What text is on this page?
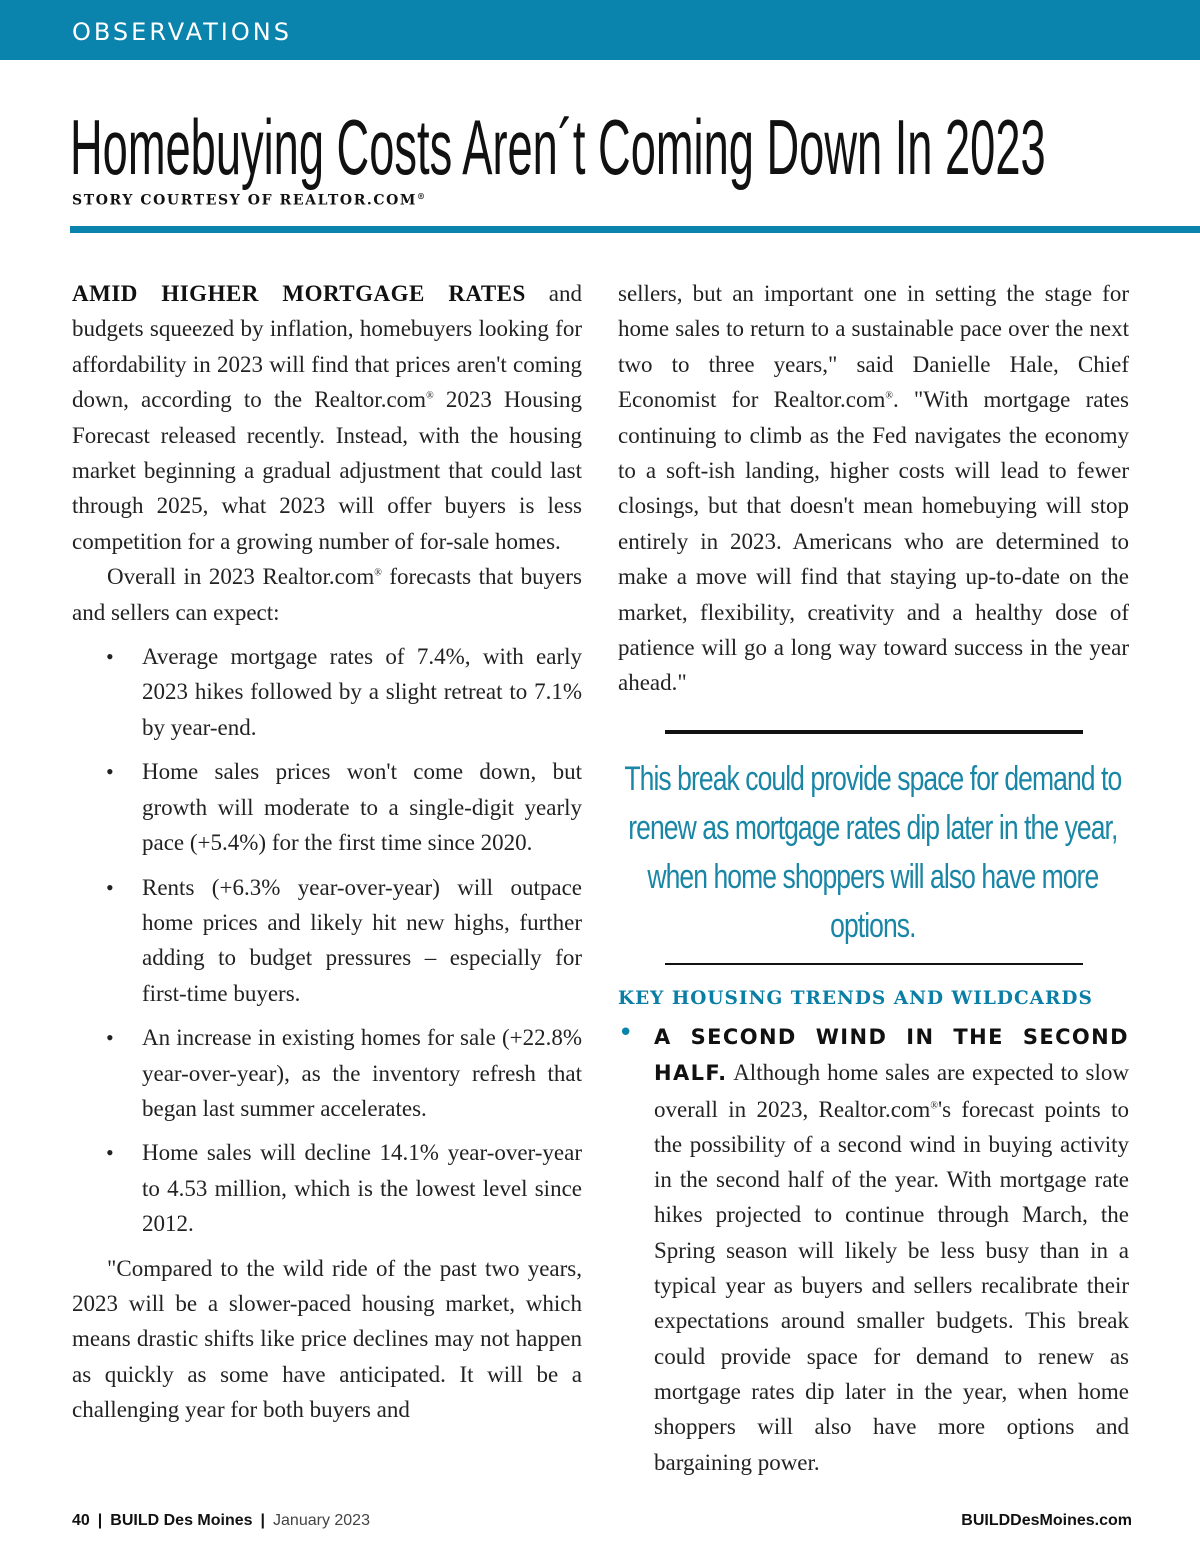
OBSERVATIONS
Homebuying Costs Aren´t Coming Down In 2023
STORY COURTESY OF REALTOR.COM®

AMID HIGHER MORTGAGE RATES and budgets squeezed by inflation, homebuyers looking for affordability in 2023 will find that prices aren't coming down, according to the Realtor.com® 2023 Housing Forecast released recently. Instead, with the housing market beginning a gradual adjustment that could last through 2025, what 2023 will offer buyers is less competition for a growing number of for-sale homes.

Overall in 2023 Realtor.com® forecasts that buyers and sellers can expect:

• Average mortgage rates of 7.4%, with early 2023 hikes followed by a slight retreat to 7.1% by year-end.
• Home sales prices won't come down, but growth will moderate to a single-digit yearly pace (+5.4%) for the first time since 2020.
• Rents (+6.3% year-over-year) will outpace home prices and likely hit new highs, further adding to budget pressures – especially for first-time buyers.
• An increase in existing homes for sale (+22.8% year-over-year), as the inventory refresh that began last summer accelerates.
• Home sales will decline 14.1% year-over-year to 4.53 million, which is the lowest level since 2012.

"Compared to the wild ride of the past two years, 2023 will be a slower-paced housing market, which means drastic shifts like price declines may not happen as quickly as some have anticipated. It will be a challenging year for both buyers and

sellers, but an important one in setting the stage for home sales to return to a sustainable pace over the next two to three years," said Danielle Hale, Chief Economist for Realtor.com®. "With mortgage rates continuing to climb as the Fed navigates the economy to a soft-ish landing, higher costs will lead to fewer closings, but that doesn't mean homebuying will stop entirely in 2023. Americans who are determined to make a move will find that staying up-to-date on the market, flexibility, creativity and a healthy dose of patience will go a long way toward success in the year ahead."

This break could provide space for demand to renew as mortgage rates dip later in the year, when home shoppers will also have more options.

KEY HOUSING TRENDS AND WILDCARDS
• A SECOND WIND IN THE SECOND HALF. Although home sales are expected to slow overall in 2023, Realtor.com®'s forecast points to the possibility of a second wind in buying activity in the second half of the year. With mortgage rate hikes projected to continue through March, the Spring season will likely be less busy than in a typical year as buyers and sellers recalibrate their expectations around smaller budgets. This break could provide space for demand to renew as mortgage rates dip later in the year, when home shoppers will also have more options and bargaining power.
40 | BUILD Des Moines | January 2023	BUILDDesMoines.com
